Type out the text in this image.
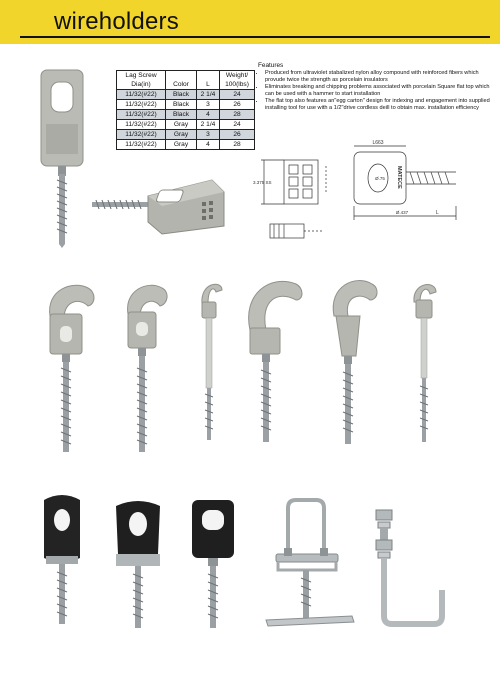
wireholders
Lag Screw Dia(in)	Color	L	Weight/ 100(lbs)
11/32(#22)	Black	2 1/4	24
11/32(#22)	Black	3	26
11/32(#22)	Black	4	28
11/32(#22)	Gray	2 1/4	24
11/32(#22)	Gray	3	26
11/32(#22)	Gray	4	28
Features
• Produced from ultraviolet stabalized nylon alloy compound with reinforced fibers which provude twice the strength as porcelain insulators
• Eliminates breaking and chipping problems associated with porcelain Square flat top which can be used with a hammer to start installation
• The flat top also features an"egg carton" design for indexing and engagement into supplied installing tool for use with a 1/2"drive cordless deill to obtain max. installation efficiency
L663
3.375 SS
Ø.75
Ø.437	L
MATECE
